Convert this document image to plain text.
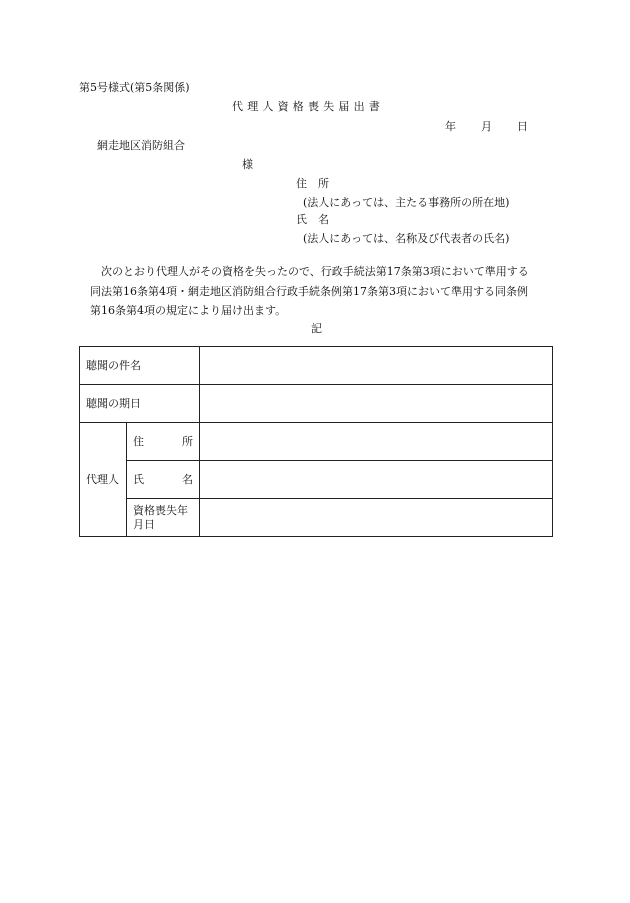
第5号様式(第5条関係)
代理人資格喪失届出書
年 月 日
網走地区消防組合
様
住 所
(法人にあっては、主たる事務所の所在地)
氏 名
(法人にあっては、名称及び代表者の氏名)
次のとおり代理人がその資格を失ったので、行政手続法第17条第3項において準用する
同法第16条第4項・網走地区消防組合行政手続条例第17条第3項において準用する同条例
第16条第4項の規定により届け出ます。
記
聴聞の件名		
聴聞の期日		
代理人	住 所	

	氏 名	

	資格喪失年月日	
